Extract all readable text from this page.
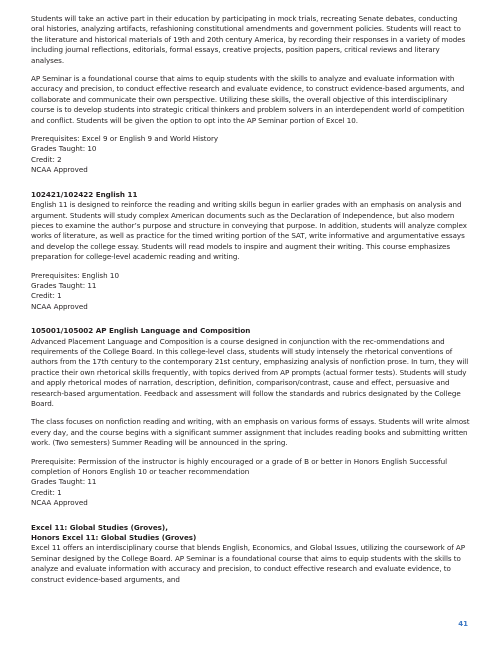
Students will take an active part in their education by participating in mock trials, recreating Senate debates, conducting oral histories, analyzing artifacts, refashioning constitutional amendments and government policies. Students will react to the literature and historical materials of 19th and 20th century America, by recording their responses in a variety of modes including journal reflections, editorials, formal essays, creative projects, position papers, critical reviews and literary analyses.

AP Seminar is a foundational course that aims to equip students with the skills to analyze and evaluate information with accuracy and precision, to conduct effective research and evaluate evidence, to construct evidence-based arguments, and collaborate and communicate their own perspective. Utilizing these skills, the overall objective of this interdisciplinary course is to develop students into strategic critical thinkers and problem solvers in an interdependent world of competition and conflict. Students will be given the option to opt into the AP Seminar portion of Excel 10.

Prerequisites: Excel 9 or English 9 and World History
Grades Taught: 10
Credit: 2
NCAA Approved
102421/102422 English 11

English 11 is designed to reinforce the reading and writing skills begun in earlier grades with an emphasis on analysis and argument. Students will study complex American documents such as the Declaration of Independence, but also modern pieces to examine the author’s purpose and structure in conveying that purpose. In addition, students will analyze complex works of literature, as well as practice for the timed writing portion of the SAT, write informative and argumentative essays and develop the college essay. Students will read models to inspire and augment their writing. This course emphasizes preparation for college-level academic reading and writing.

Prerequisites: English 10
Grades Taught: 11
Credit: 1
NCAA Approved
105001/105002 AP English Language and Composition

Advanced Placement Language and Composition is a course designed in conjunction with the rec-ommendations and requirements of the College Board. In this college-level class, students will study intensely the rhetorical conventions of authors from the 17th century to the contemporary 21st century, emphasizing analysis of nonfiction prose. In turn, they will practice their own rhetorical skills frequently, with topics derived from AP prompts (actual former tests). Students will study and apply rhetorical modes of narration, description, definition, comparison/contrast, cause and effect, persuasive and research-based argumentation. Feedback and assessment will follow the standards and rubrics designated by the College Board.

The class focuses on nonfiction reading and writing, with an emphasis on various forms of essays. Students will write almost every day, and the course begins with a significant summer assignment that includes reading books and submitting written work. (Two semesters) Summer Reading will be announced in the spring.

Prerequisite: Permission of the instructor is highly encouraged or a grade of B or better in Honors English Successful completion of Honors English 10 or teacher recommendation
Grades Taught: 11
Credit: 1
NCAA Approved
Excel 11: Global Studies (Groves),
Honors Excel 11: Global Studies (Groves)

Excel 11 offers an interdisciplinary course that blends English, Economics, and Global Issues, utilizing the coursework of AP Seminar designed by the College Board. AP Seminar is a foundational course that aims to equip students with the skills to analyze and evaluate information with accuracy and precision, to conduct effective research and evaluate evidence, to construct evidence-based arguments, and

41
